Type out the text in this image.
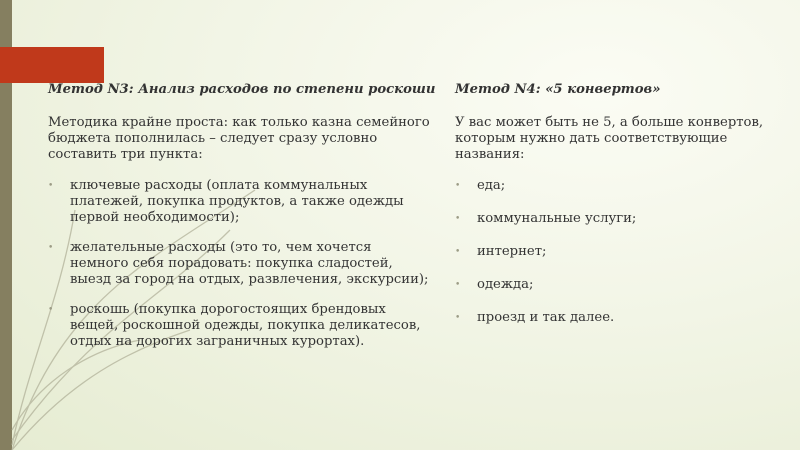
Метод N3: Анализ расходов по степени роскоши
Методика крайне проста: как только казна семейного бюджета пополнилась – следует сразу условно составить три пункта:
• ключевые расходы (оплата коммунальных платежей, покупка продуктов, а также одежды первой необходимости);
• желательные расходы (это то, чем хочется немного себя порадовать: покупка сладостей, выезд за город на отдых, развлечения, экскурсии);
• роскошь (покупка дорогостоящих брендовых вещей, роскошной одежды, покупка деликатесов, отдых на дорогих заграничных курортах).
Метод N4: «5 конвертов»
У вас может быть не 5, а больше конвертов, которым нужно дать соответствующие названия:
• еда;
• коммунальные услуги;
• интернет;
• одежда;
• проезд и так далее.
